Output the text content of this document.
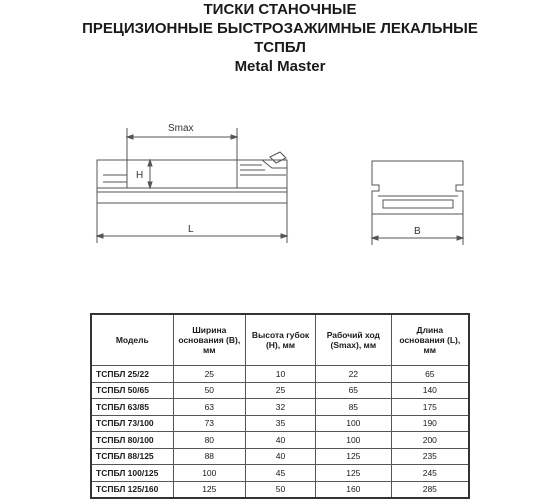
ТИСКИ СТАНОЧНЫЕ
ПРЕЦИЗИОННЫЕ БЫСТРОЗАЖИМНЫЕ ЛЕКАЛЬНЫЕ
ТСПБЛ
Metal Master
Smax
H
L	B
Модель	Ширина основания (B), мм	Высота губок (H), мм	Рабочий ход (Smax), мм	Длина основания (L), мм
ТСПБЛ 25/22	25	10	22	65
ТСПБЛ 50/65	50	25	65	140
ТСПБЛ 63/85	63	32	85	175
ТСПБЛ 73/100	73	35	100	190
ТСПБЛ 80/100	80	40	100	200
ТСПБЛ 88/125	88	40	125	235
ТСПБЛ 100/125	100	45	125	245
ТСПБЛ 125/160	125	50	160	285
